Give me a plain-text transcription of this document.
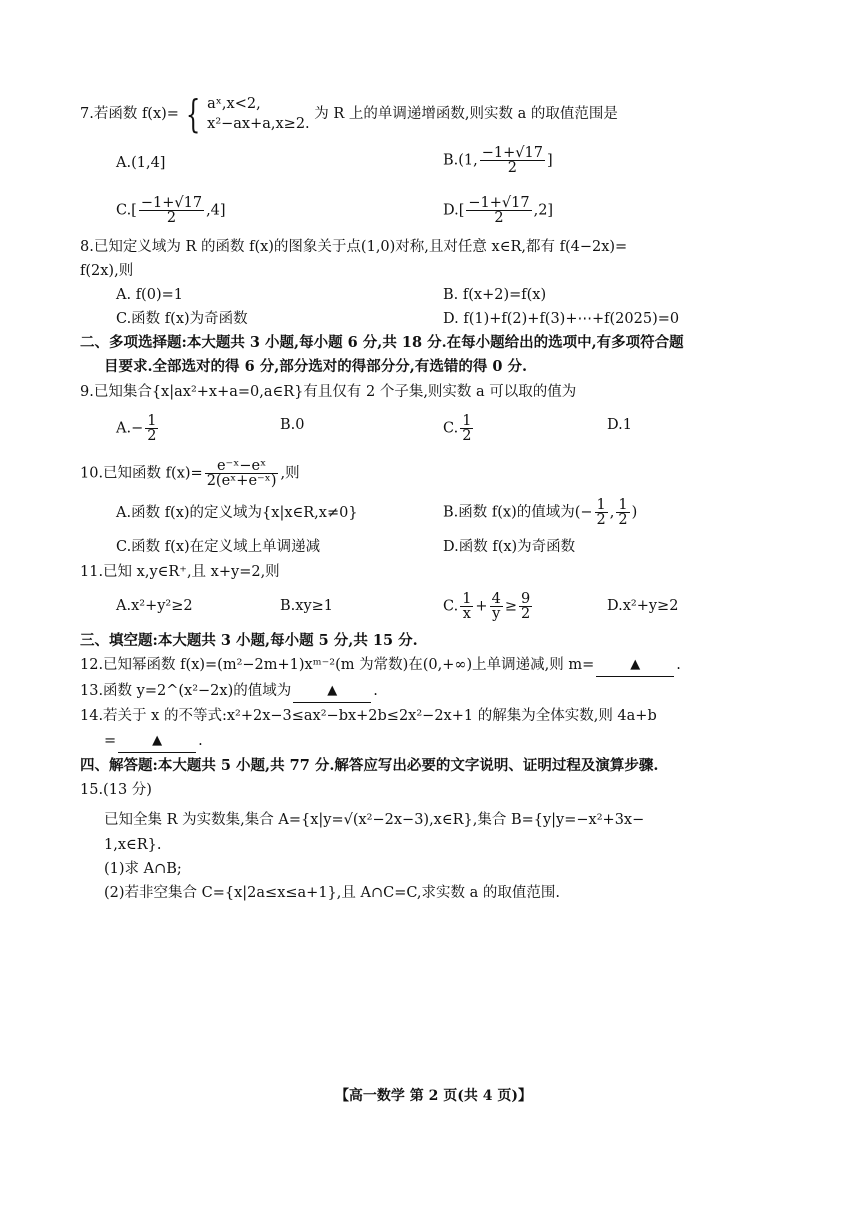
7.若函数 f(x)= { aˣ,x<2,
x²−ax+a,x≥2.
为 R 上的单调递增函数,则实数 a 的取值范围是
A.(1,4]	B.(1, $\frac{-1+√17}{2}$ ]
$C.[ \frac{-1+√17}{2} ,4]$	$D.[ \frac{-1+√17}{2} ,2]$
8.已知定义域为 R 的函数 f(x)的图象关于点(1,0)对称,且对任意 x∈R,都有 f(4−2x)=
f(2x),则
A. f(0)=1	B. f(x+2)=f(x)
C.函数 f(x)为奇函数	D. f(1)+f(2)+f(3)+⋯+f(2025)=0
二、多项选择题:本大题共 3 小题,每小题 6 分,共 18 分.在每小题给出的选项中,有多项符合题
目要求.全部选对的得 6 分,部分选对的得部分分,有选错的得 0 分.
9.已知集合{x|ax²+x+a=0,a∈R}有且仅有 2 个子集,则实数 a 可以取的值为
$A.- \frac{1}{2}$	B.0	C. $\frac{1}{2}$	D.1
10.已知函数 $f(x)= \frac{\text{e⁻ˣ−eˣ}}{\text{2(eˣ+e⁻ˣ)}}$ ,则
A.函数 f(x)的定义域为{x|x∈R,x≠0}	B.函数 f(x)的值域为(− $\frac{1}{2}$ , $\frac{1}{2}$ )
C.函数 f(x)在定义域上单调递减	D.函数 f(x)为奇函数
11.已知 x,y∈R⁺,且 x+y=2,则
A.x²+y²≥2	B.xy≥1	C. $\frac{1}{x} + \frac{4}{y} \ge \frac{9}{2}$	D.x²+y≥2
三、填空题:本大题共 3 小题,每小题 5 分,共 15 分.
12.已知幂函数 f(x)=(m²−2m+1)xᵐ⁻²(m 为常数)在(0,+∞)上单调递减,则 m=	▲ .
13.函数 y=2^(x²−2x)的值域为	▲ .
14.若关于 x 的不等式:x²+2x−3≤ax²−bx+2b≤2x²−2x+1 的解集为全体实数,则 4a+b
=	▲ .
四、解答题:本大题共 5 小题,共 77 分.解答应写出必要的文字说明、证明过程及演算步骤.
15.(13 分)
已知全集 R 为实数集,集合 A={x|y=√(x²−2x−3),x∈R},集合 B={y|y=−x²+3x−
1,x∈R}.
(1)求 A∩B;
(2)若非空集合 C={x|2a≤x≤a+1},且 A∩C=C,求实数 a 的取值范围.
【高一数学 第 2 页(共 4 页)】
